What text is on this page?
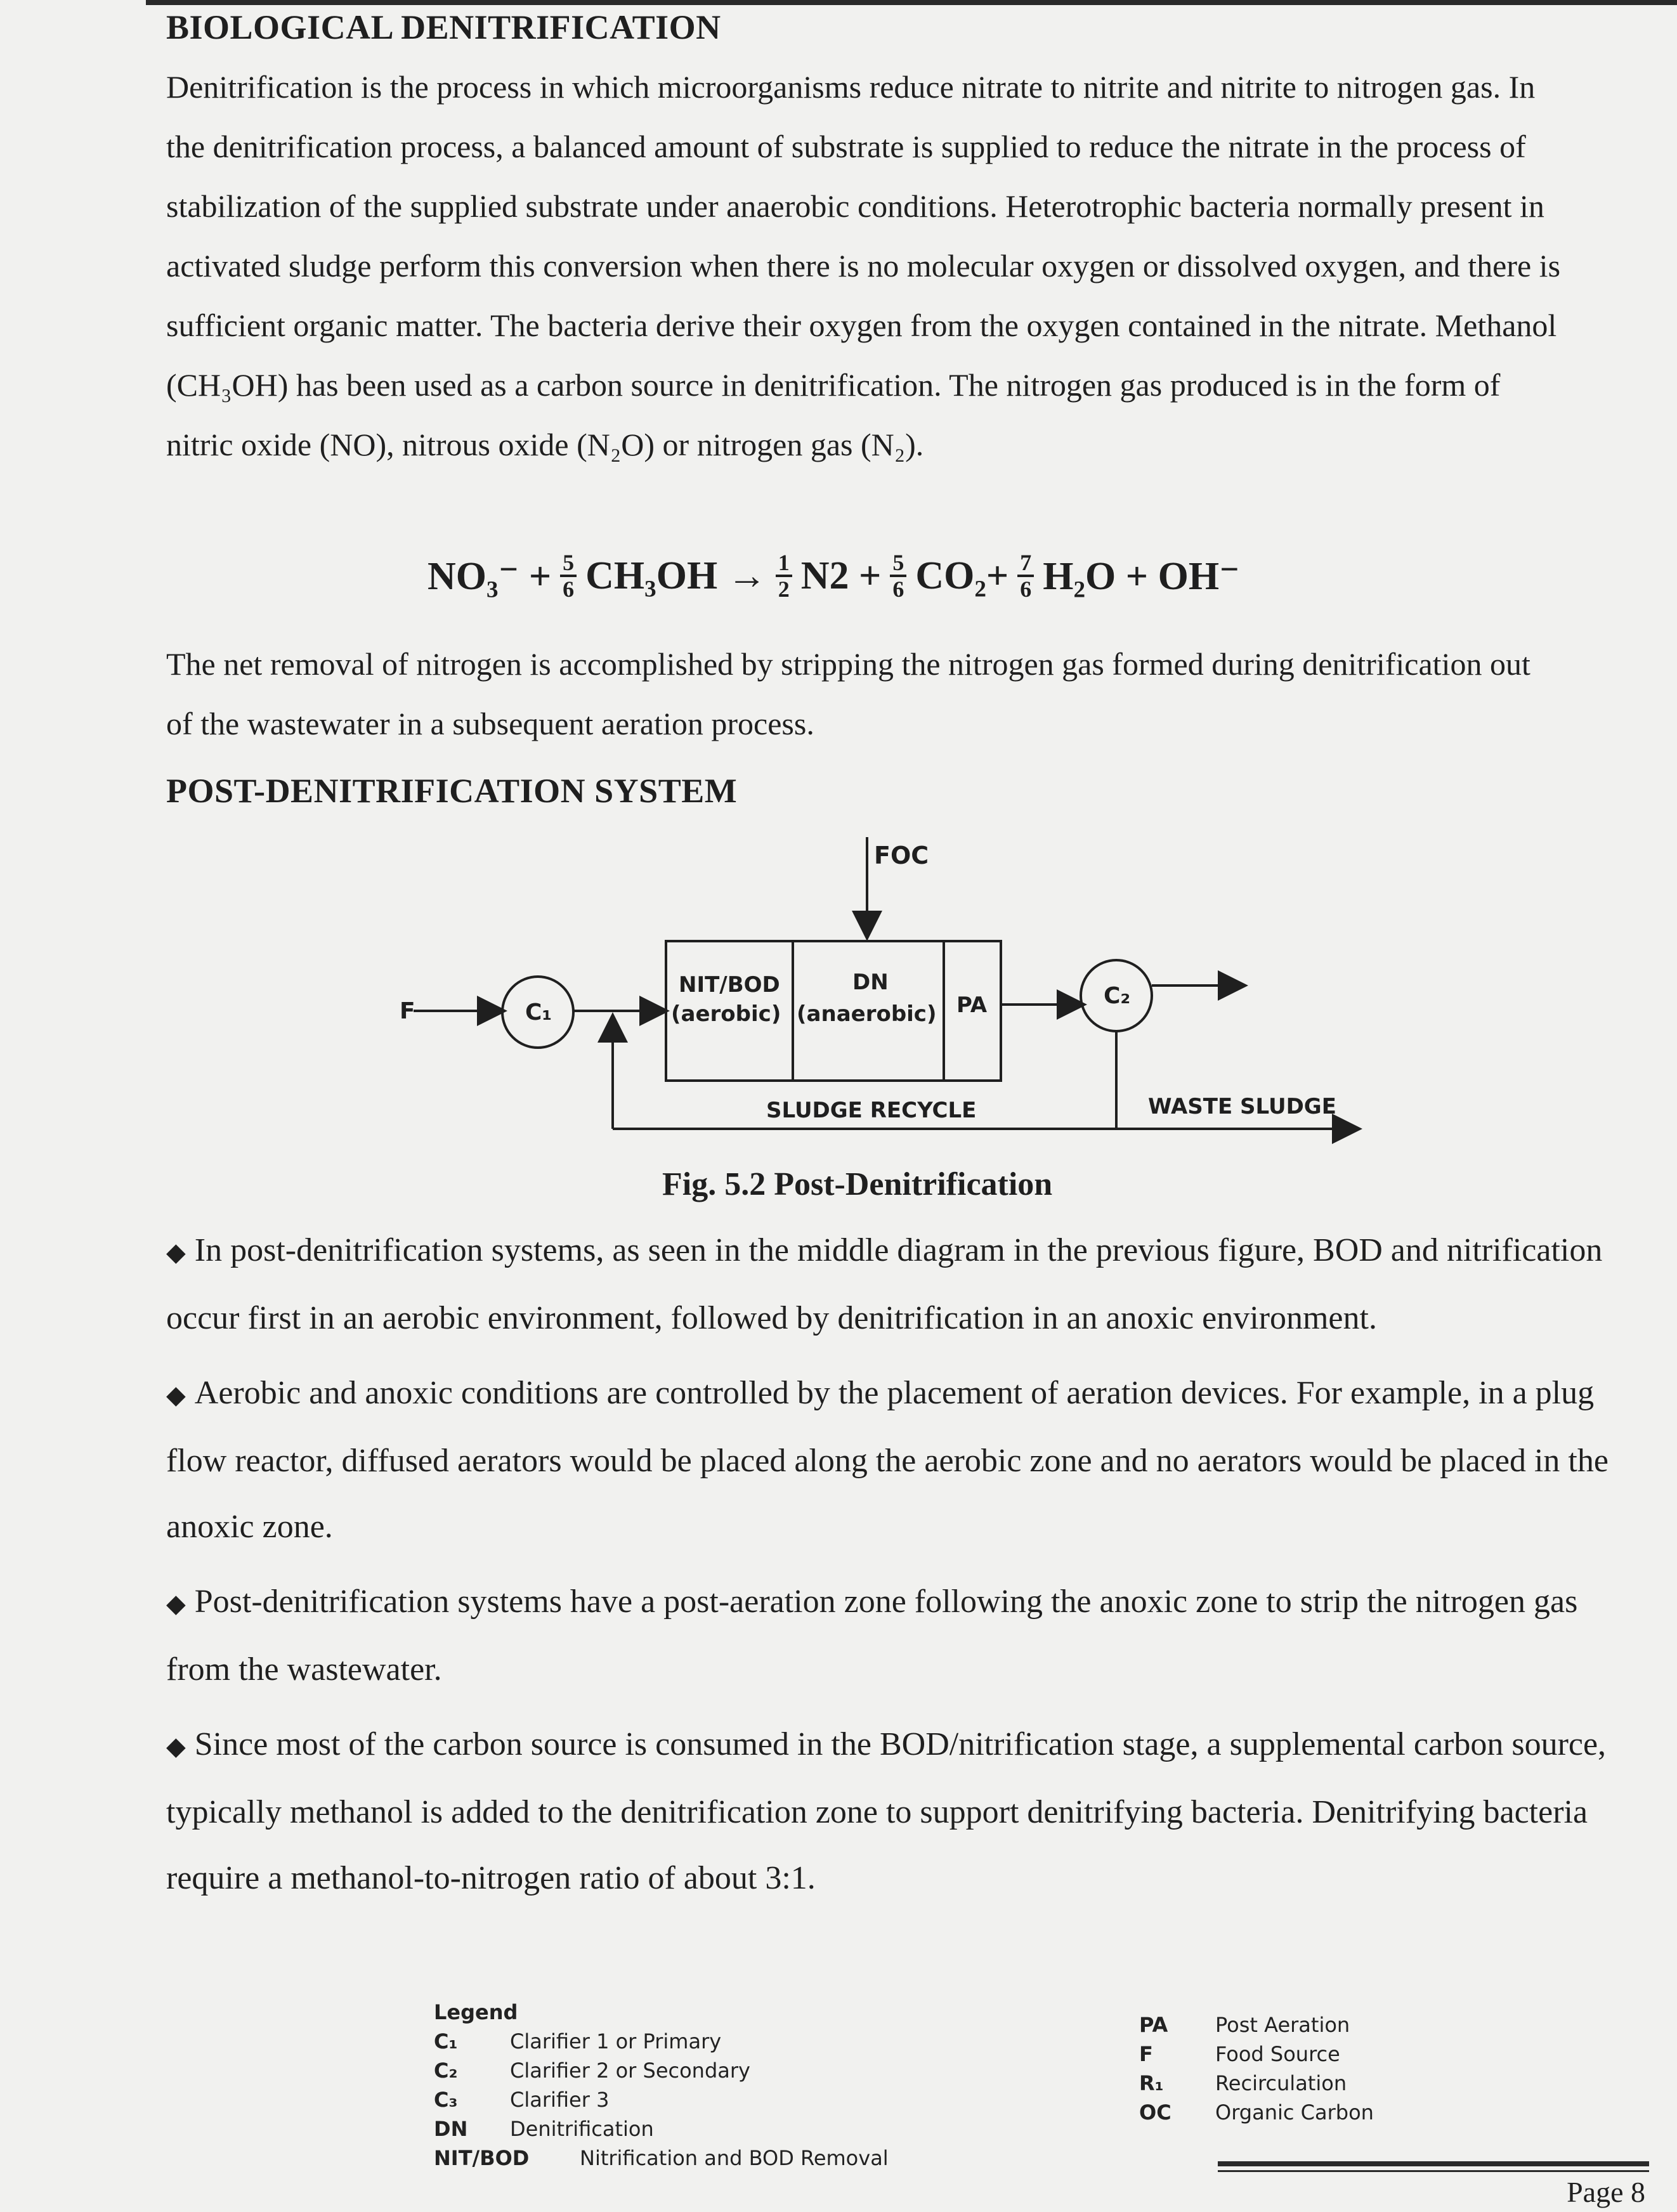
BIOLOGICAL DENITRIFICATION

Denitrification is the process in which microorganisms reduce nitrate to nitrite and nitrite to nitrogen gas. In the denitrification process, a balanced amount of substrate is supplied to reduce the nitrate in the process of stabilization of the supplied substrate under anaerobic conditions. Heterotrophic bacteria normally present in activated sludge perform this conversion when there is no molecular oxygen or dissolved oxygen, and there is sufficient organic matter. The bacteria derive their oxygen from the oxygen contained in the nitrate. Methanol (CH₃OH) has been used as a carbon source in denitrification. The nitrogen gas produced is in the form of nitric oxide (NO), nitrous oxide (N₂O) or nitrogen gas (N₂).

$NO_3^- + \frac{5}{6} CH_3OH \to \frac{1}{2} N2 + \frac{5}{6} CO_2+ \frac{7}{6} H_2O + OH^-$

The net removal of nitrogen is accomplished by stripping the nitrogen gas formed during denitrification out of the wastewater in a subsequent aeration process.

POST-DENITRIFICATION SYSTEM
FOC
F	C₁
NIT/BOD
(aerobic)
DN
(anaerobic) PA	C₂
SLUDGE RECYCLE	WASTE SLUDGE

Fig. 5.2 Post-Denitrification

◆ In post-denitrification systems, as seen in the middle diagram in the previous figure, BOD and nitrification occur first in an aerobic environment, followed by denitrification in an anoxic environment.

◆ Aerobic and anoxic conditions are controlled by the placement of aeration devices. For example, in a plug flow reactor, diffused aerators would be placed along the aerobic zone and no aerators would be placed in the anoxic zone.

◆ Post-denitrification systems have a post-aeration zone following the anoxic zone to strip the nitrogen gas from the wastewater.

◆ Since most of the carbon source is consumed in the BOD/nitrification stage, a supplemental carbon source, typically methanol is added to the denitrification zone to support denitrifying bacteria. Denitrifying bacteria require a methanol-to-nitrogen ratio of about 3:1.

Legend
C₁	Clarifier 1 or Primary
C₂	Clarifier 2 or Secondary
C₃	Clarifier 3
DN	Denitrification
NIT/BOD	Nitrification and BOD Removal
PA	Post Aeration
F	Food Source
R₁	Recirculation
OC	Organic Carbon
Page 8
